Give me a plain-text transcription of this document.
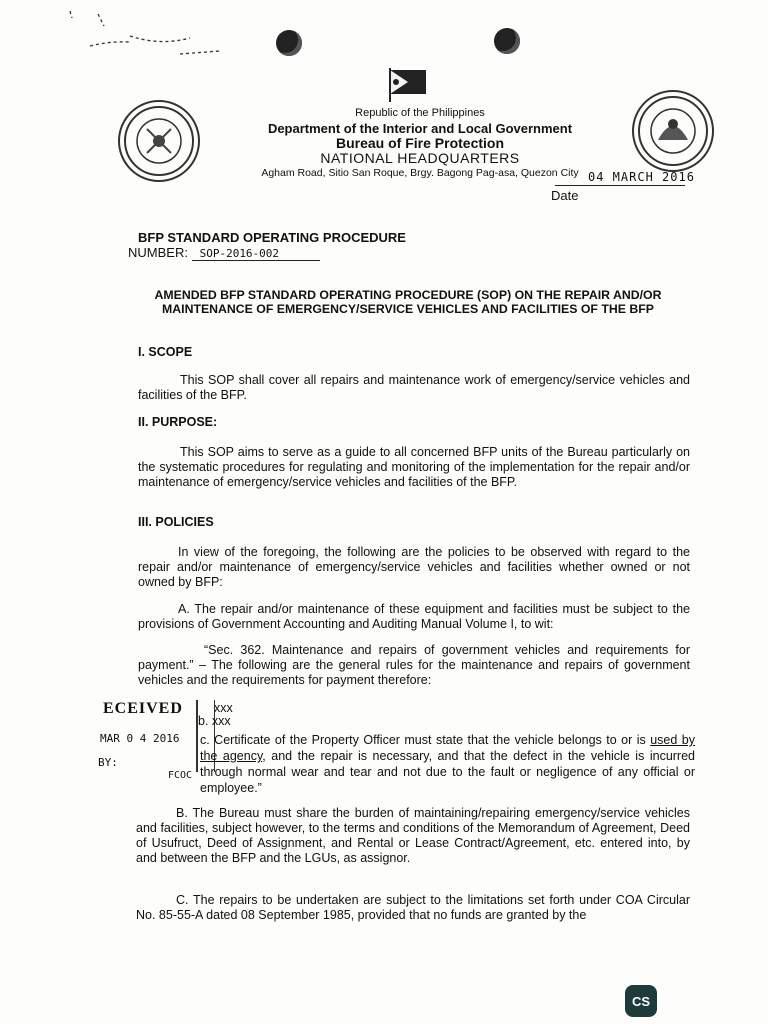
Republic of the Philippines
Department of the Interior and Local Government
Bureau of Fire Protection
NATIONAL HEADQUARTERS
Agham Road, Sitio San Roque, Brgy. Bagong Pag-asa, Quezon City 04 MARCH 2016
Date
BFP STANDARD OPERATING PROCEDURE
NUMBER: SOP-2016-002
AMENDED BFP STANDARD OPERATING PROCEDURE (SOP) ON THE REPAIR AND/OR MAINTENANCE OF EMERGENCY/SERVICE VEHICLES AND FACILITIES OF THE BFP
I. SCOPE
This SOP shall cover all repairs and maintenance work of emergency/service vehicles and facilities of the BFP.
II. PURPOSE:
This SOP aims to serve as a guide to all concerned BFP units of the Bureau particularly on the systematic procedures for regulating and monitoring of the implementation for the repair and/or maintenance of emergency/service vehicles and facilities of the BFP.
III. POLICIES
In view of the foregoing, the following are the policies to be observed with regard to the repair and/or maintenance of emergency/service vehicles and facilities whether owned or not owned by BFP:
A. The repair and/or maintenance of these equipment and facilities must be subject to the provisions of Government Accounting and Auditing Manual Volume I, to wit:
“Sec. 362. Maintenance and repairs of government vehicles and requirements for payment.” – The following are the general rules for the maintenance and repairs of government vehicles and the requirements for payment therefore:
ECEIVED
MAR 0 4 2016
BY:
FCOC
xxx
b. xxx
c. Certificate of the Property Officer must state that the vehicle belongs to or is used by the agency, and the repair is necessary, and that the defect in the vehicle is incurred through normal wear and tear and not due to the fault or negligence of any official or employee.”
B. The Bureau must share the burden of maintaining/repairing emergency/service vehicles and facilities, subject however, to the terms and conditions of the Memorandum of Agreement, Deed of Usufruct, Deed of Assignment, and Rental or Lease Contract/Agreement, etc. entered into, by and between the BFP and the LGUs, as assignor.
C. The repairs to be undertaken are subject to the limitations set forth under COA Circular No. 85-55-A dated 08 September 1985, provided that no funds are granted by the
CS
